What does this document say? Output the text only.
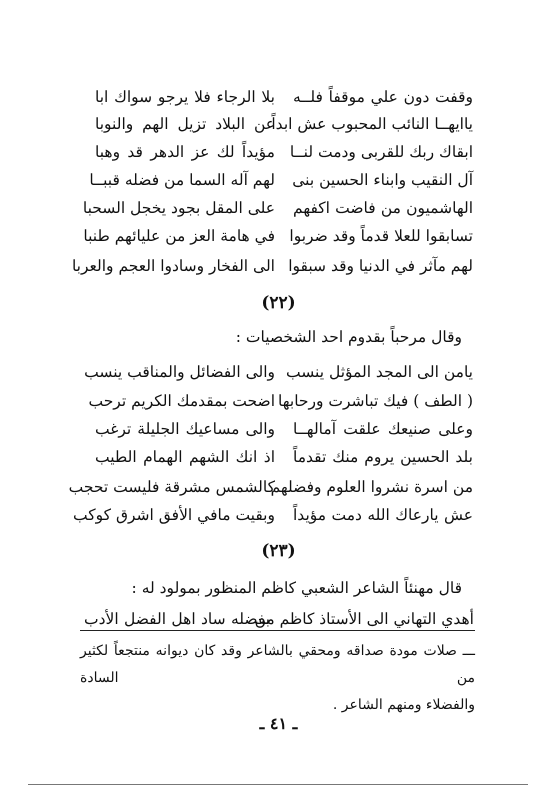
وقفت دون علي موقفاً فلــه
بلا الرجاء فلا يرجو سواك ابا
ياايهــا النائب المحبوب عش ابداً
عن البلاد تزيل الهم والنوبا
ابقاك ربك للقربى ودمت لنــا
مؤيداً لك عز الدهر قد وهبا
آل النقيب وابناء الحسين بنى
لهم آله السما من فضله قببــا
الهاشميون من فاضت اكفهم
على المقل بجود يخجل السحبا
تسابقوا للعلا قدماً وقد ضربوا
في هامة العز من عليائهم طنبا
لهم مآثر في الدنيا وقد سبقوا
الى الفخار وسادوا العجم والعربا
(٢٢)
وقال مرحباً بقدوم احد الشخصيات :
يامن الى المجد المؤثل ينسب
والى الفضائل والمناقب ينسب
( الطف ) فيك تباشرت ورحابها
اضحت بمقدمك الكريم ترحب
وعلى صنيعك علقت آمالهــا
والى مساعيك الجليلة ترغب
بلد الحسين يروم منك تقدماً
اذ انك الشهم الهمام الطيب
من اسرة نشروا العلوم وفضلهم
كالشمس مشرقة فليست تحجب
عش يارعاك الله دمت مؤيداً
وبقيت مافي الأفق اشرق كوكب
(٢٣)
قال مهنئاً الشاعر الشعبي كاظم المنظور بمولود له :
أهدي التهاني الى الأستاذ كاظم من
بفضله ساد اهل الفضل الأدب
ـــ صلات مودة صداقه ومحقي بالشاعر وقد كان ديوانه منتجعاً لكثير من السادة
والفضلاء ومنهم الشاعر .
ـ ٤١ ـ
